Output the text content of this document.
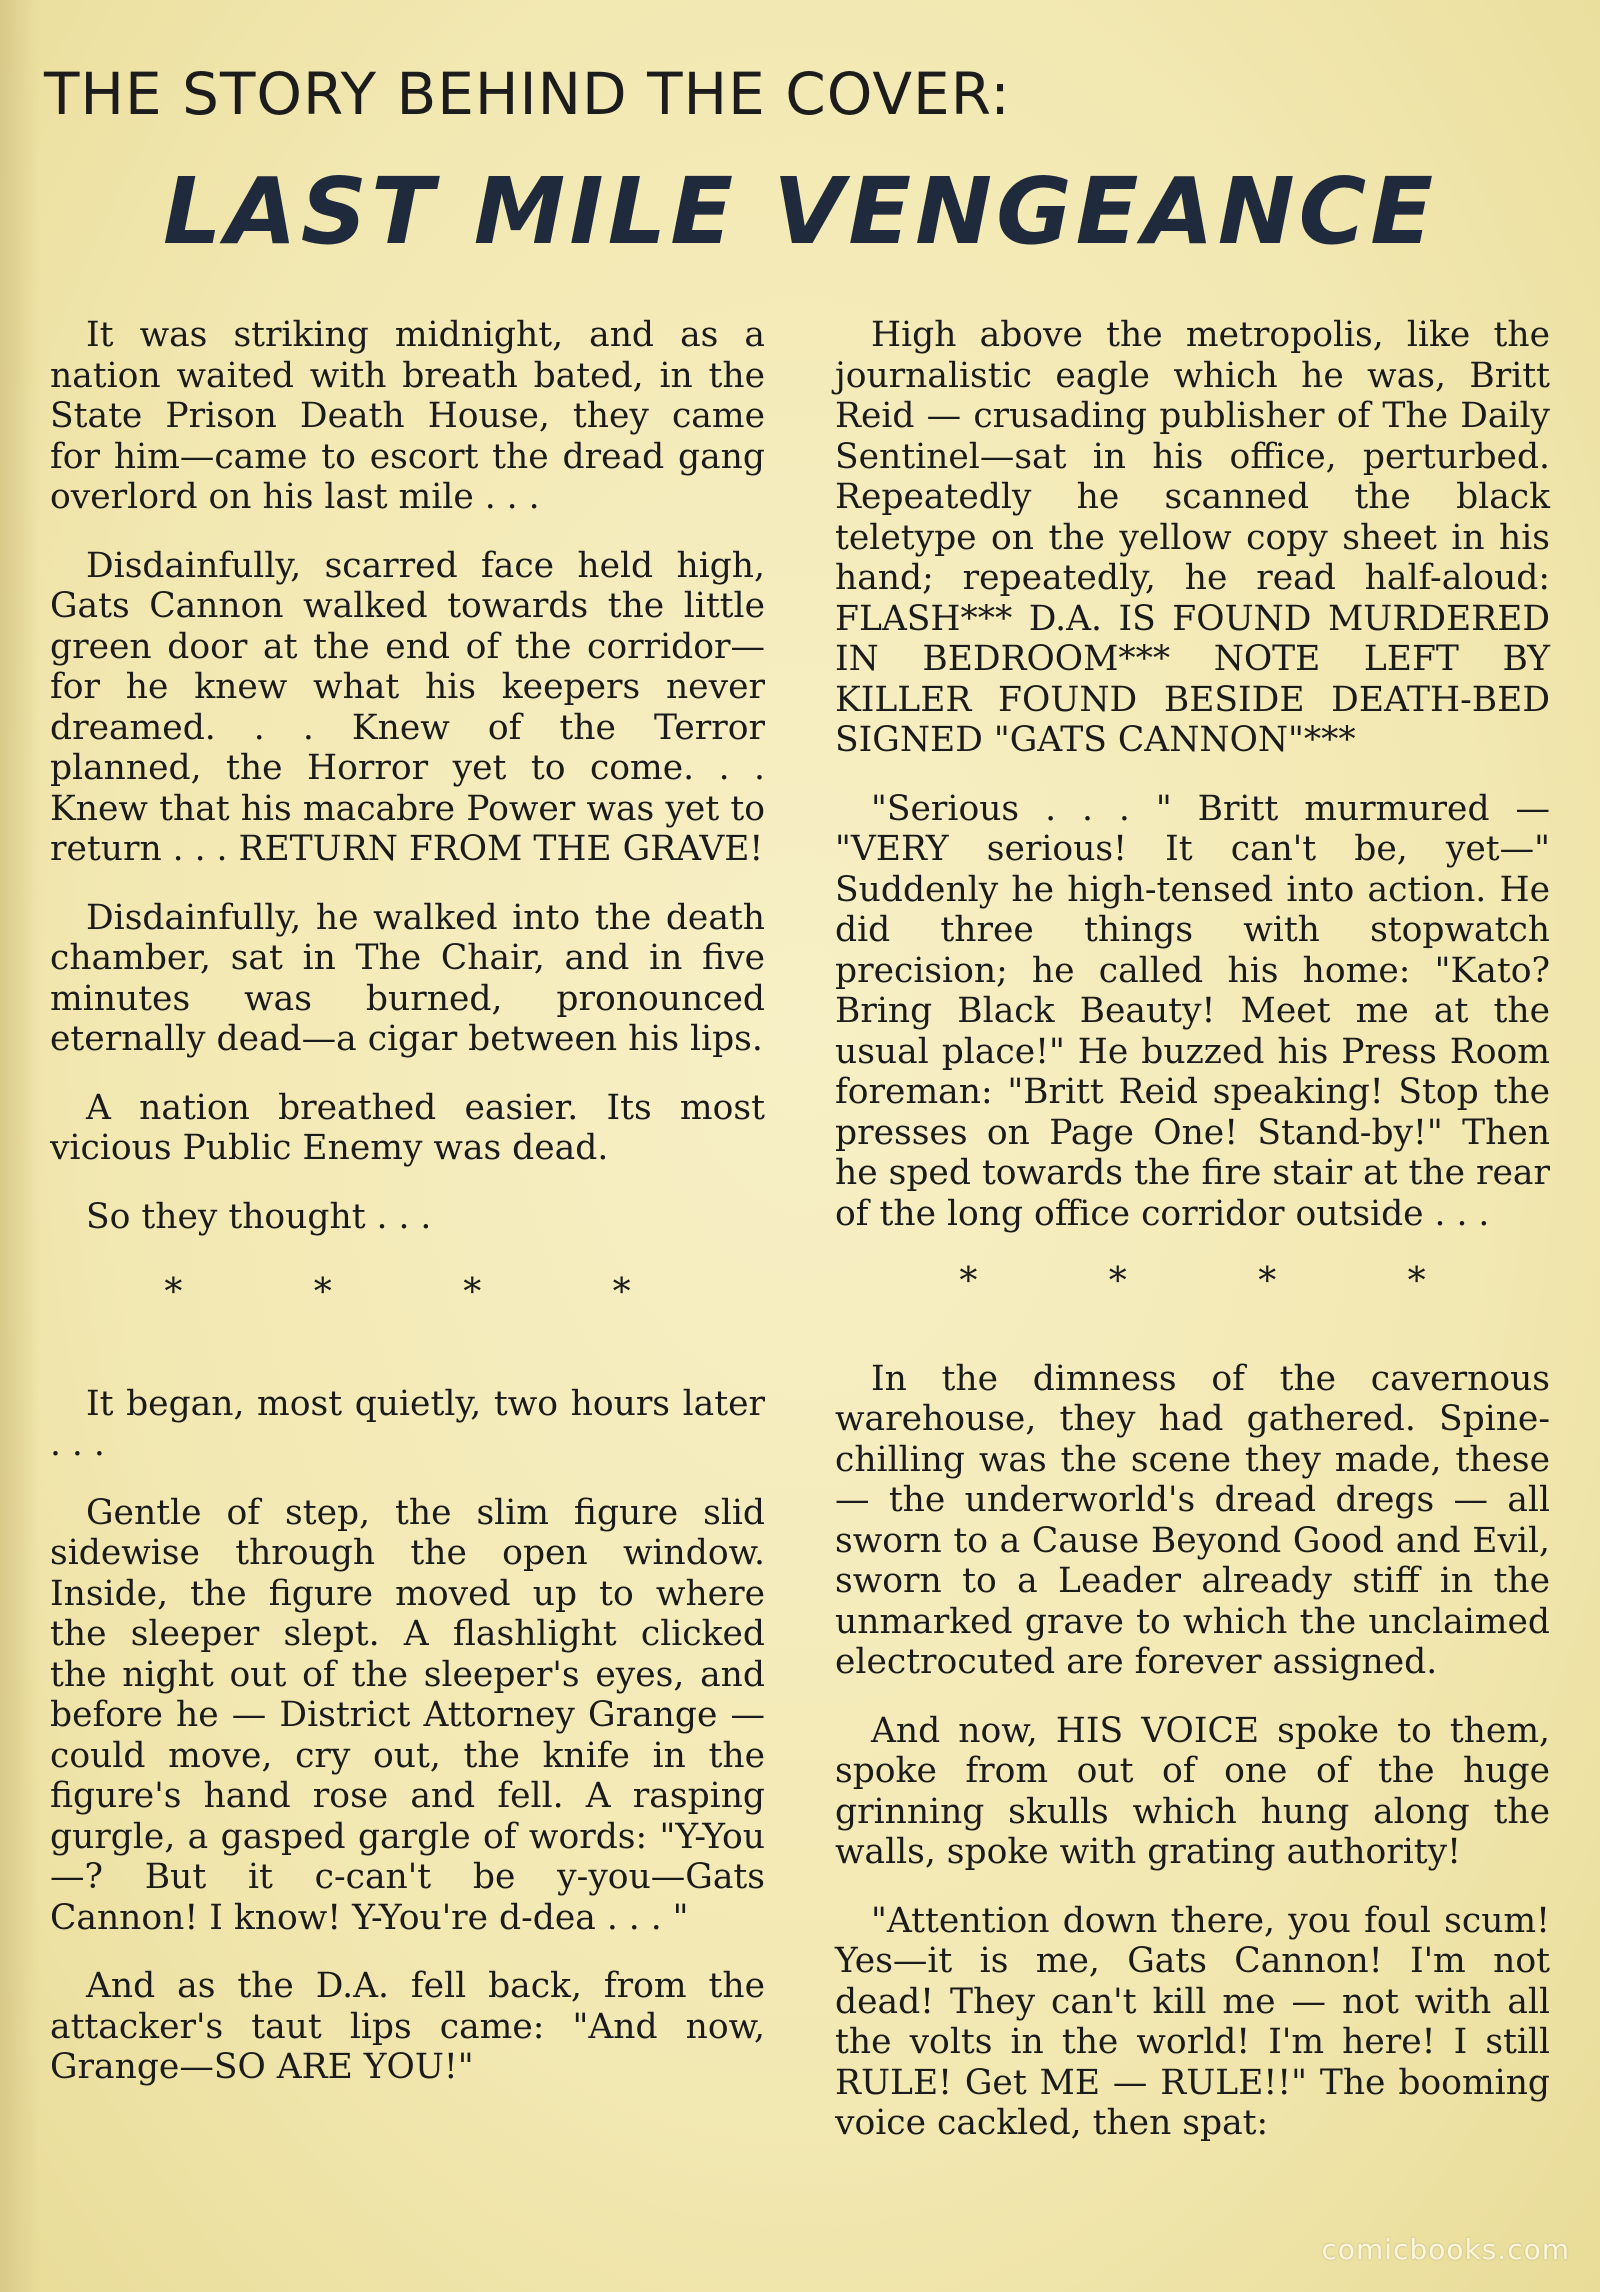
THE STORY BEHIND THE COVER:
LAST MILE VENGEANCE

It was striking midnight, and as a nation waited with breath bated, in the State Prison Death House, they came for him—came to escort the dread gang overlord on his last mile . . .

Disdainfully, scarred face held high, Gats Cannon walked towards the little green door at the end of the corridor—for he knew what his keepers never dreamed. . . Knew of the Terror planned, the Horror yet to come. . . Knew that his macabre Power was yet to return . . . RETURN FROM THE GRAVE!

Disdainfully, he walked into the death chamber, sat in The Chair, and in five minutes was burned, pronounced eternally dead—a cigar between his lips.

A nation breathed easier. Its most vicious Public Enemy was dead.

So they thought . . .

* * * *

It began, most quietly, two hours later . . .

Gentle of step, the slim figure slid sidewise through the open window. Inside, the figure moved up to where the sleeper slept. A flashlight clicked the night out of the sleeper's eyes, and before he — District Attorney Grange — could move, cry out, the knife in the figure's hand rose and fell. A rasping gurgle, a gasped gargle of words: "Y-You—? But it c-can't be y-you—Gats Cannon! I know! Y-You're d-dea . . . "

And as the D.A. fell back, from the attacker's taut lips came: "And now, Grange—SO ARE YOU!"

High above the metropolis, like the journalistic eagle which he was, Britt Reid — crusading publisher of The Daily Sentinel—sat in his office, perturbed. Repeatedly he scanned the black teletype on the yellow copy sheet in his hand; repeatedly, he read half-aloud: FLASH*** D.A. IS FOUND MURDERED IN BEDROOM*** NOTE LEFT BY KILLER FOUND BESIDE DEATH-BED SIGNED "GATS CANNON"***

"Serious . . . " Britt murmured — "VERY serious! It can't be, yet—" Suddenly he high-tensed into action. He did three things with stopwatch precision; he called his home: "Kato? Bring Black Beauty! Meet me at the usual place!" He buzzed his Press Room foreman: "Britt Reid speaking! Stop the presses on Page One! Stand-by!" Then he sped towards the fire stair at the rear of the long office corridor outside . . .

* * * *

In the dimness of the cavernous warehouse, they had gathered. Spine-chilling was the scene they made, these — the underworld's dread dregs — all sworn to a Cause Beyond Good and Evil, sworn to a Leader already stiff in the unmarked grave to which the unclaimed electrocuted are forever assigned.

And now, HIS VOICE spoke to them, spoke from out of one of the huge grinning skulls which hung along the walls, spoke with grating authority!

"Attention down there, you foul scum! Yes—it is me, Gats Cannon! I'm not dead! They can't kill me — not with all the volts in the world! I'm here! I still RULE! Get ME — RULE!!" The booming voice cackled, then spat:

comicbooks.com
